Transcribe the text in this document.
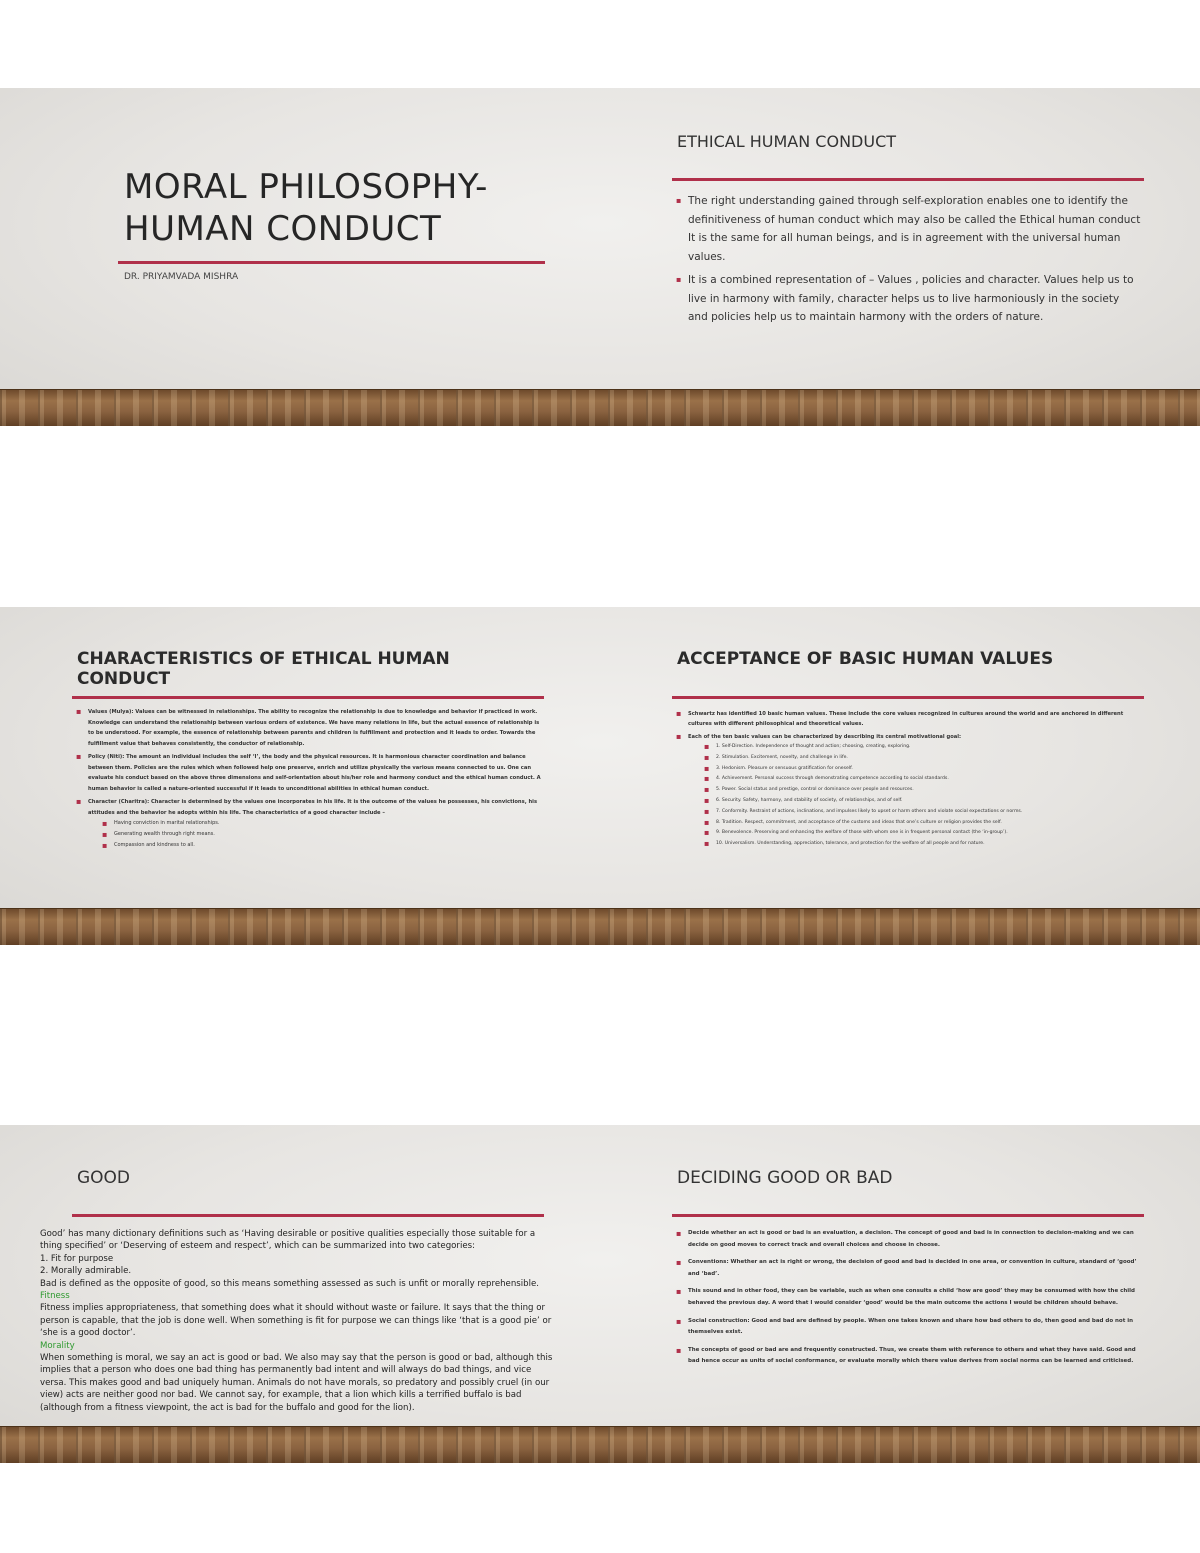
MORAL PHILOSOPHY-
HUMAN CONDUCT
DR. PRIYAMVADA MISHRA
ETHICAL HUMAN CONDUCT
▪ The right understanding gained through self-exploration enables one to identify the definitiveness of human conduct which may also be called the Ethical human conduct It is the same for all human beings, and is in agreement with the universal human values.
▪ It is a combined representation of – Values , policies and character. Values help us to live in harmony with family, character helps us to live harmoniously in the society and policies help us to maintain harmony with the orders of nature.
CHARACTERISTICS OF ETHICAL HUMAN CONDUCT
▪ Values (Mulya): Values can be witnessed in relationships. The ability to recognize the relationship is due to knowledge and behavior if practiced in work. Knowledge can understand the relationship between various orders of existence. We have many relations in life, but the actual essence of relationship is to be understood. For example, the essence of relationship between parents and children is fulfillment and protection and it leads to order. Towards the fulfillment value that behaves consistently, the conductor of relationship.
▪ Policy (Niti): The amount an individual includes the self ‘I’, the body and the physical resources. It is harmonious character coordination and balance between them. Policies are the rules which when followed help one preserve, enrich and utilize physically the various means connected to us. One can evaluate his conduct based on the above three dimensions and self-orientation about his/her role and harmony conduct and the ethical human conduct. A human behavior is called a nature-oriented successful if it leads to unconditional abilities in ethical human conduct.
▪ Character (Charitra): Character is determined by the values one incorporates in his life. It is the outcome of the values he possesses, his convictions, his attitudes and the behavior he adopts within his life. The characteristics of a good character include –
▪ Having conviction in marital relationships.
▪ Generating wealth through right means.
▪ Compassion and kindness to all.
ACCEPTANCE OF BASIC HUMAN VALUES
▪ Schwartz has identified 10 basic human values. These include the core values recognized in cultures around the world and are anchored in different cultures with different philosophical and theoretical values.
▪ Each of the ten basic values can be characterized by describing its central motivational goal:
▪ 1. Self-Direction. Independence of thought and action; choosing, creating, exploring.
▪ 2. Stimulation. Excitement, novelty, and challenge in life.
▪ 3. Hedonism. Pleasure or sensuous gratification for oneself.
▪ 4. Achievement. Personal success through demonstrating competence according to social standards.
▪ 5. Power. Social status and prestige, control or dominance over people and resources.
▪ 6. Security. Safety, harmony, and stability of society, of relationships, and of self.
▪ 7. Conformity. Restraint of actions, inclinations, and impulses likely to upset or harm others and violate social expectations or norms.
▪ 8. Tradition. Respect, commitment, and acceptance of the customs and ideas that one’s culture or religion provides the self.
▪ 9. Benevolence. Preserving and enhancing the welfare of those with whom one is in frequent personal contact (the ‘in-group’).
▪ 10. Universalism. Understanding, appreciation, tolerance, and protection for the welfare of all people and for nature.
GOOD

Good’ has many dictionary definitions such as ‘Having desirable or positive qualities especially those suitable for a thing specified’ or ‘Deserving of esteem and respect’, which can be summarized into two categories:

1. Fit for purpose

2. Morally admirable.

Bad is defined as the opposite of good, so this means something assessed as such is unfit or morally reprehensible.

Fitness

Fitness implies appropriateness, that something does what it should without waste or failure. It says that the thing or person is capable, that the job is done well. When something is fit for purpose we can things like ‘that is a good pie’ or ‘she is a good doctor’.

Morality

When something is moral, we say an act is good or bad. We also may say that the person is good or bad, although this implies that a person who does one bad thing has permanently bad intent and will always do bad things, and vice versa. This makes good and bad uniquely human. Animals do not have morals, so predatory and possibly cruel (in our view) acts are neither good nor bad. We cannot say, for example, that a lion which kills a terrified buffalo is bad (although from a fitness viewpoint, the act is bad for the buffalo and good for the lion).

DECIDING GOOD OR BAD
▪ Decide whether an act is good or bad is an evaluation, a decision. The concept of good and bad is in connection to decision-making and we can decide on good moves to correct track and overall choices and choose in choose.
▪ Conventions: Whether an act is right or wrong, the decision of good and bad is decided in one area, or convention in culture, standard of ‘good’ and ‘bad’.
▪ This sound and in other food, they can be variable, such as when one consults a child ‘how are good’ they may be consumed with how the child behaved the previous day. A word that I would consider ‘good’ would be the main outcome the actions I would be children should behave.
▪ Social construction: Good and bad are defined by people. When one takes known and share how bad others to do, then good and bad do not in themselves exist.
▪ The concepts of good or bad are and frequently constructed. Thus, we create them with reference to others and what they have said. Good and bad hence occur as units of social conformance, or evaluate morally which there value derives from social norms can be learned and criticised.
